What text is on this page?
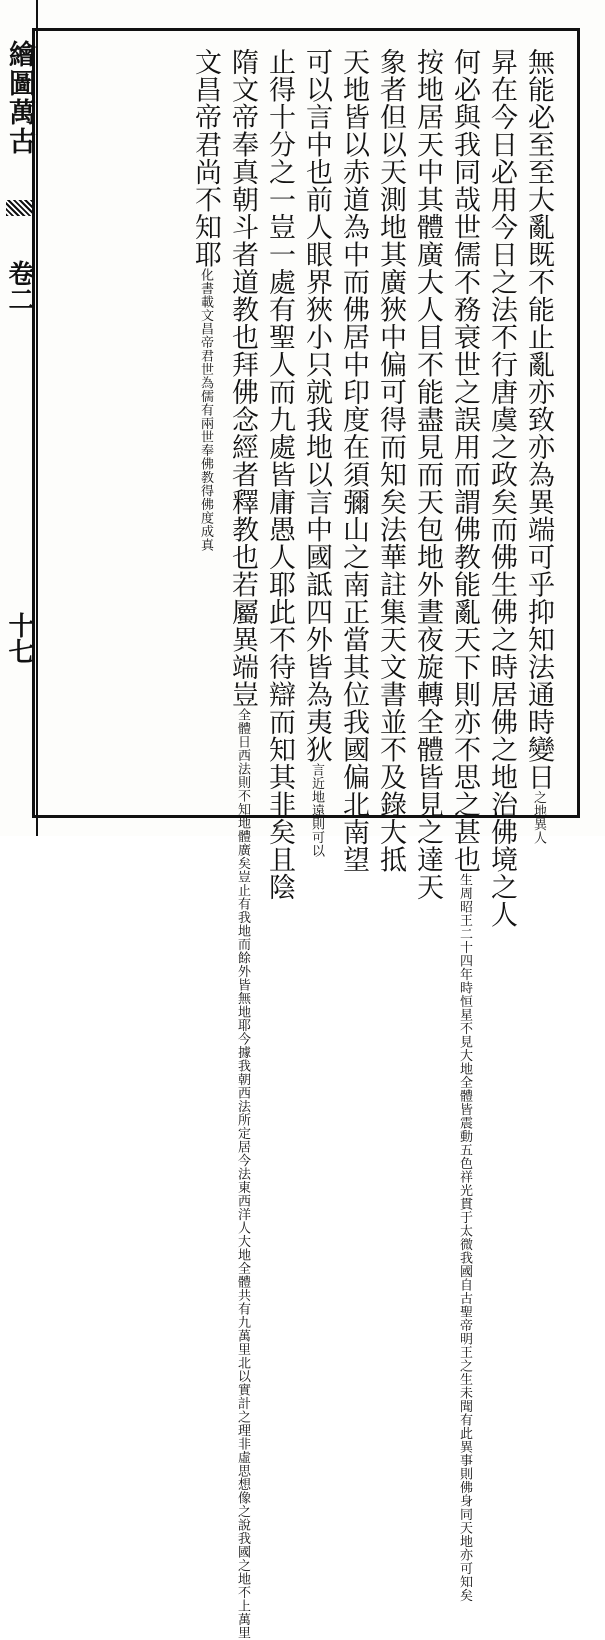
繪圖萬古
卷二
十七	無能必至至大亂既不能止亂亦致亦為異端可乎抑知法通時變日之地異人
昇在今日必用今日之法不行唐虞之政矣而佛生佛之時居佛之地治佛境之人
何必與我同哉世儒不務衰世之誤用而謂佛教能亂天下則亦不思之甚也生周昭王二十四年時恒星不見大地全體皆震動五色祥光貫于太微我國自古聖帝明王之生未聞有此異事則佛身同天地亦可知矣
按地居天中其體廣大人目不能盡見而天包地外晝夜旋轉全體皆見之達天
象者但以天測地其廣狹中偏可得而知矣法華註集天文書並不及錄大抵
天地皆以赤道為中而佛居中印度在須彌山之南正當其位我國偏北南望
可以言中也前人眼界狹小只就我地以言中國詆四外皆為夷狄言近地遠則可以
止得十分之一豈一處有聖人而九處皆庸愚人耶此不待辯而知其非矣且陰
隋文帝奉真朝斗者道教也拜佛念經者釋教也若屬異端豈全體日西法則不知地體廣矣豈止有我地而餘外皆無地耶今據我朝西法所定居今法東西洋人大地全體共有九萬里北以實計之理非虛思想像之說我國之地不上萬里
文昌帝君尚不知耶化書載文昌帝君世為儒有兩世奉佛教得佛度成真
